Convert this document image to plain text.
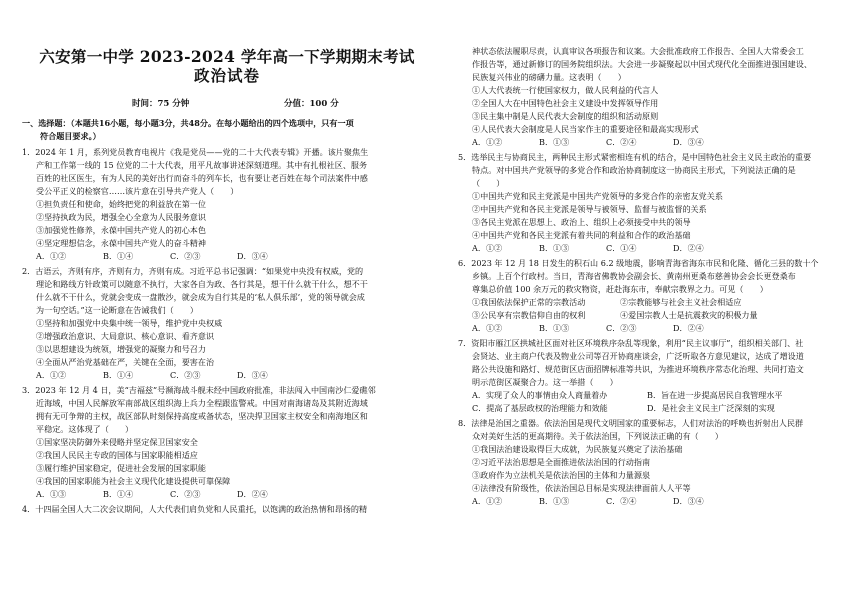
六安第一中学 2023-2024 学年高一下学期期末考试
政治试卷
时间：75 分钟	分值：100 分
一、选择题：（本题共16小题，每小题3分，共48分。在每小题给出的四个选项中，只有一项
符合题目要求。）
1．2024 年 1 月，系列党员教育电视片《我是党员——党的二十大代表专辑》开播。该片聚焦生
产和工作第一线的 15 位党的二十大代表，用平凡故事讲述深刻道理。其中有扎根社区、服务
百姓的社区医生，有为人民的美好出行而奋斗的列车长，也有要让老百姓在每个司法案件中感
受公平正义的检察官……该片意在引导共产党人（　　）
①担负责任和使命，始终把党的利益放在第一位
②坚持执政为民，增强全心全意为人民服务意识
③加强党性修养，永葆中国共产党人的初心本色
④坚定理想信念，永葆中国共产党人的奋斗精神
A．①②	B．①④	C．②③	D．③④
2．古语云，齐则有序，齐则有力，齐则有成。习近平总书记强调：“如果党中央没有权威，党的
理论和路线方针政策可以随意不执行，大家各自为政、各行其是，想干什么就干什么，想不干
什么就不干什么，党就会变成一盘散沙，就会成为自行其是的‘私人俱乐部’，党的领导就会成
为一句空话。”这一论断意在告诫我们（　　）
①坚持和加强党中央集中统一领导，维护党中央权威
②增强政治意识、大局意识、核心意识、看齐意识
③以思想建设为统领，增强党的凝聚力和号召力
④全面从严治党基础在严，关键在全面，要害在治
A．①②	B．①④	C．②③	D．③④
3．2023 年 12 月 4 日，美“吉福兹”号濒海战斗舰未经中国政府批准，非法闯入中国南沙仁爱礁邻
近海域，中国人民解放军南部战区组织海上兵力全程跟监警戒。中国对南海诸岛及其附近海域
拥有无可争辩的主权，战区部队时刻保持高度戒备状态，坚决捍卫国家主权安全和南海地区和
平稳定。这体现了（　　）
①国家坚决防御外来侵略并坚定保卫国家安全
②我国人民民主专政的国体与国家职能相适应
③履行维护国家稳定，促进社会发展的国家职能
④我国的国家职能为社会主义现代化建设提供可靠保障
A．①③	B．①④	C．②③	D．②④
4．十四届全国人大二次会议期间，人大代表们肩负党和人民重托，以饱满的政治热情和昂扬的精
神状态依法履职尽责，认真审议各项报告和议案。大会批准政府工作报告、全国人大常委会工
作报告等，通过新修订的国务院组织法。大会进一步凝聚起以中国式现代化全面推进强国建设、
民族复兴伟业的磅礴力量。这表明（　　）
①人大代表统一行使国家权力，做人民利益的代言人
②全国人大在中国特色社会主义建设中发挥领导作用
③民主集中制是人民代表大会制度的组织和活动原则
④人民代表大会制度是人民当家作主的重要途径和最高实现形式
A．①②	B．①③	C．②④	D．③④
5．选举民主与协商民主，两种民主形式紧密相连有机的结合，是中国特色社会主义民主政治的重要
特点。对中国共产党领导的多党合作和政治协商制度这一协商民主形式，下列说法正确的是
（　　）
①中国共产党和民主党派是中国共产党领导的多党合作的亲密友党关系
②中国共产党和各民主党派是领导与被领导、监督与被监督的关系
③各民主党派在思想上、政治上、组织上必须接受中共的领导
④中国共产党和各民主党派有着共同的利益和合作的政治基础
A．①②	B．①③	C．①④	D．②④
6．2023 年 12 月 18 日发生的积石山 6.2 级地震，影响青海省海东市民和化隆、循化三县的数十个
乡镇。上百个行政村。当日，青海省佛教协会副会长、黄南州更桑布慈善协会会长更登桑布
尊集总价值 100 余万元的救灾物资，赶赴海东市，奉献宗教界之力。可见（　　）
①我国依法保护正常的宗教活动	②宗教能够与社会主义社会相适应
③公民享有宗教信仰自由的权利	④爱国宗教人士是抗震救灾的积极力量
A．①②	B．①③	C．②③	D．②④
7．资阳市雁江区拱城社区面对社区环境秩序杂乱等现象，利用“民主议事厅”，组织相关部门、社
会贤达、业主商户代表及物业公司等召开协商座谈会，广泛听取各方意见建议，达成了增设道
路公共设施和路灯、规范街区店面招牌标准等共识，为推进环境秩序常态化治理、共同打造文
明示范街区凝聚合力。这一举措（　　）
A．实现了众人的事情由众人商量着办	B．旨在进一步提高居民自我管理水平
C．提高了基层政权的治理能力和效能	D．是社会主义民主广泛深刻的实现
8．法律是治国之重器。依法治国是现代文明国家的重要标志，人们对法治的呼唤也折射出人民群
众对美好生活的更高期待。关于依法治国，下列说法正确的有（　　）
①我国法治建设取得巨大成就，为民族复兴奠定了法治基础
②习近平法治思想是全面推进依法治国的行动指南
③政府作为立法机关是依法治国的主体和力量源泉
④法律没有阶级性，依法治国总目标是实现法律面前人人平等
A．①②	B．①③	C．②④	D．③④
